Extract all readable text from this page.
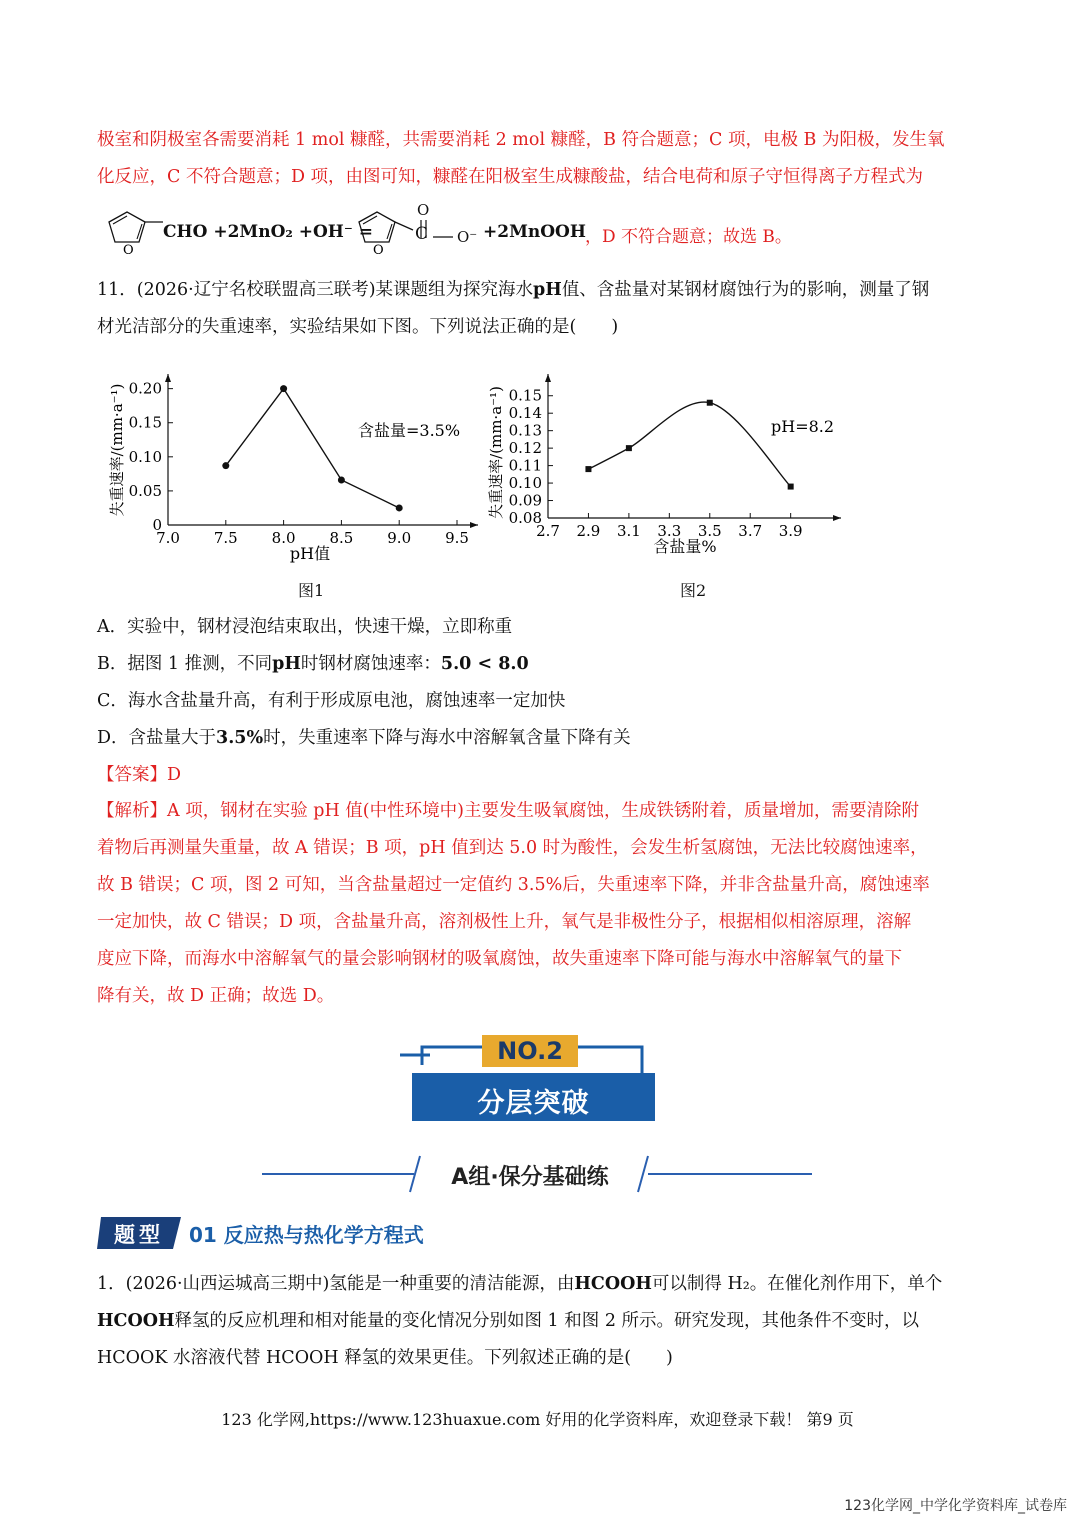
极室和阴极室各需要消耗 1 mol 糠醛，共需要消耗 2 mol 糠醛，B 符合题意；C 项，电极 B 为阳极，发生氧
化反应，C 不符合题意；D 项，由图可知，糠醛在阳极室生成糠酸盐，结合电荷和原子守恒得离子方程式为
O
CHO +2MnO₂ +OH⁻ =
O
O
C O⁻ +2MnOOH ，D 不符合题意；故选 B。
11．(2026·辽宁名校联盟高三联考)某课题组为探究海水pH值、含盐量对某钢材腐蚀行为的影响，测量了钢
材光洁部分的失重速率，实验结果如下图。下列说法正确的是(　　)
7.0 7.5 8.0 8.5 9.0 9.5
0
0.05
0.10
0.15
0.20
pH值
失重速率/(mm·a⁻¹)	含盐量=3.5%
图1
2.7 2.9 3.1 3.3 3.5 3.7 3.9
0.08
0.09
0.10
0.11
0.12
0.13
0.14
0.15
含盐量%
失重速率/(mm·a⁻¹)	pH=8.2
图2
A．实验中，钢材浸泡结束取出，快速干燥，立即称重
B．据图 1 推测，不同pH时钢材腐蚀速率：5.0 < 8.0
C．海水含盐量升高，有利于形成原电池，腐蚀速率一定加快
D．含盐量大于3.5%时，失重速率下降与海水中溶解氧含量下降有关
【答案】D
【解析】A 项，钢材在实验 pH 值(中性环境中)主要发生吸氧腐蚀，生成铁锈附着，质量增加，需要清除附
着物后再测量失重量，故 A 错误；B 项，pH 值到达 5.0 时为酸性，会发生析氢腐蚀，无法比较腐蚀速率，
故 B 错误；C 项，图 2 可知，当含盐量超过一定值约 3.5%后，失重速率下降，并非含盐量升高，腐蚀速率
一定加快，故 C 错误；D 项，含盐量升高，溶剂极性上升，氧气是非极性分子，根据相似相溶原理，溶解
度应下降，而海水中溶解氧气的量会影响钢材的吸氧腐蚀，故失重速率下降可能与海水中溶解氧气的量下
降有关，故 D 正确；故选 D。
NO.2
分层突破
A组·保分基础练
题型	01 反应热与热化学方程式
1．(2026·山西运城高三期中)氢能是一种重要的清洁能源，由HCOOH可以制得 H₂。在催化剂作用下，单个
HCOOH释氢的反应机理和相对能量的变化情况分别如图 1 和图 2 所示。研究发现，其他条件不变时，以
HCOOK 水溶液代替 HCOOH 释氢的效果更佳。下列叙述正确的是(　　)
123 化学网,https://www.123huaxue.com 好用的化学资料库，欢迎登录下载！ 第9 页
123化学网_中学化学资料库_试卷库
